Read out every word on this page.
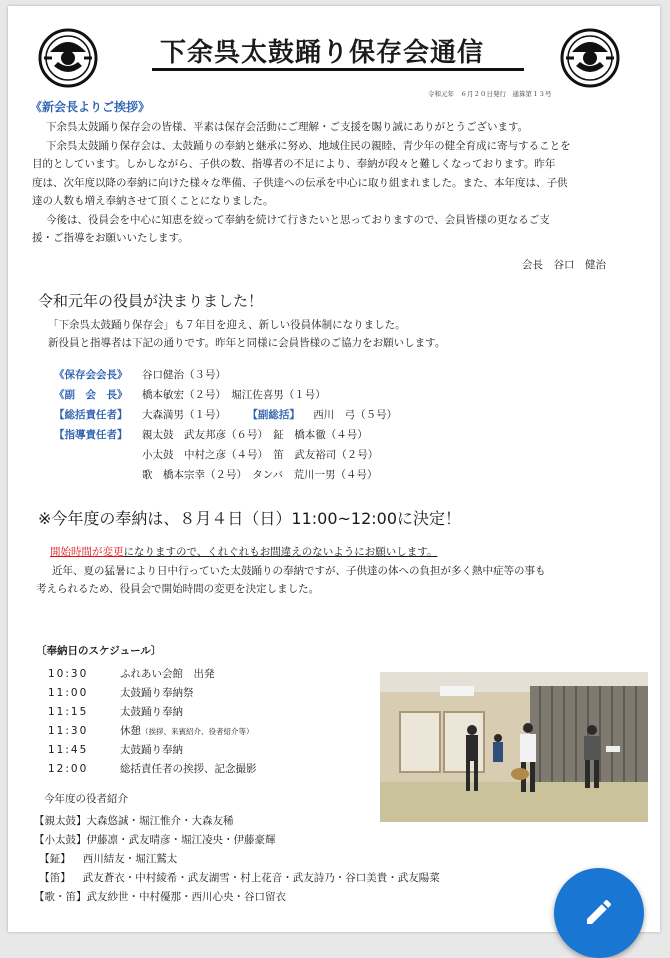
下余呉太鼓踊り保存会通信
令和元年　６月２０日発行　通算第１３号
《新会長よりご挨拶》
下余呉太鼓踊り保存会の皆様、平素は保存会活動にご理解・ご支援を賜り誠にありがとうございます。
下余呉太鼓踊り保存会は、太鼓踊りの奉納と継承に努め、地域住民の親睦、青少年の健全育成に寄与することを
目的としています。しかしながら、子供の数、指導者の不足により、奉納が段々と難しくなっております。昨年
度は、次年度以降の奉納に向けた様々な準備、子供達への伝承を中心に取り組まれました。また、本年度は、子供
達の人数も増え奉納させて頂くことになりました。
今後は、役員会を中心に知恵を絞って奉納を続けて行きたいと思っておりますので、会員皆様の更なるご支
援・ご指導をお願いいたします。
会長　谷口　健治
令和元年の役員が決まりました！
「下余呉太鼓踊り保存会」も７年目を迎え、新しい役員体制になりました。
新役員と指導者は下記の通りです。昨年と同様に会員皆様のご協力をお願いします。
《保存会会長》 谷口健治（３号）
《副　会　長》 橋本敏宏（２号）　堀江佐喜男（１号）
【総括責任者】 大森満男（１号） 【副総括】 西川　弓（５号）
【指導責任者】 親太鼓　武友邦彦（６号）　鉦　橋本徹（４号）
小太鼓　中村之彦（４号）　笛　武友裕司（２号）
歌　橋本宗幸（２号）　タンバ　荒川一男（４号）
※今年度の奉納は、８月４日（日）11:00~12:00に決定！
開始時間が変更になりますので、くれぐれもお間違えのないようにお願いします。
近年、夏の猛暑により日中行っていた太鼓踊りの奉納ですが、子供達の体への負担が多く熱中症等の事も
考えられるため、役員会で開始時間の変更を決定しました。
〔奉納日のスケジュール〕
10:30	ふれあい会館　出発
11:00	太鼓踊り奉納祭
11:15	太鼓踊り奉納
11:30	休憩（挨拶、来賓紹介、役者紹介等）
11:45	太鼓踊り奉納
12:00	総括責任者の挨拶、記念撮影
今年度の役者紹介
【親太鼓】大森悠誠・堀江惟介・大森友稀
【小太鼓】伊藤凛・武友晴彦・堀江凌央・伊藤豪輝
　【鉦】 西川結友・堀江鷲太
　【笛】 武友蒼衣・中村綾希・武友湖雪・村上花音・武友詩乃・谷口美貴・武友陽菜
【歌・笛】武友紗世・中村優那・西川心央・谷口留衣
